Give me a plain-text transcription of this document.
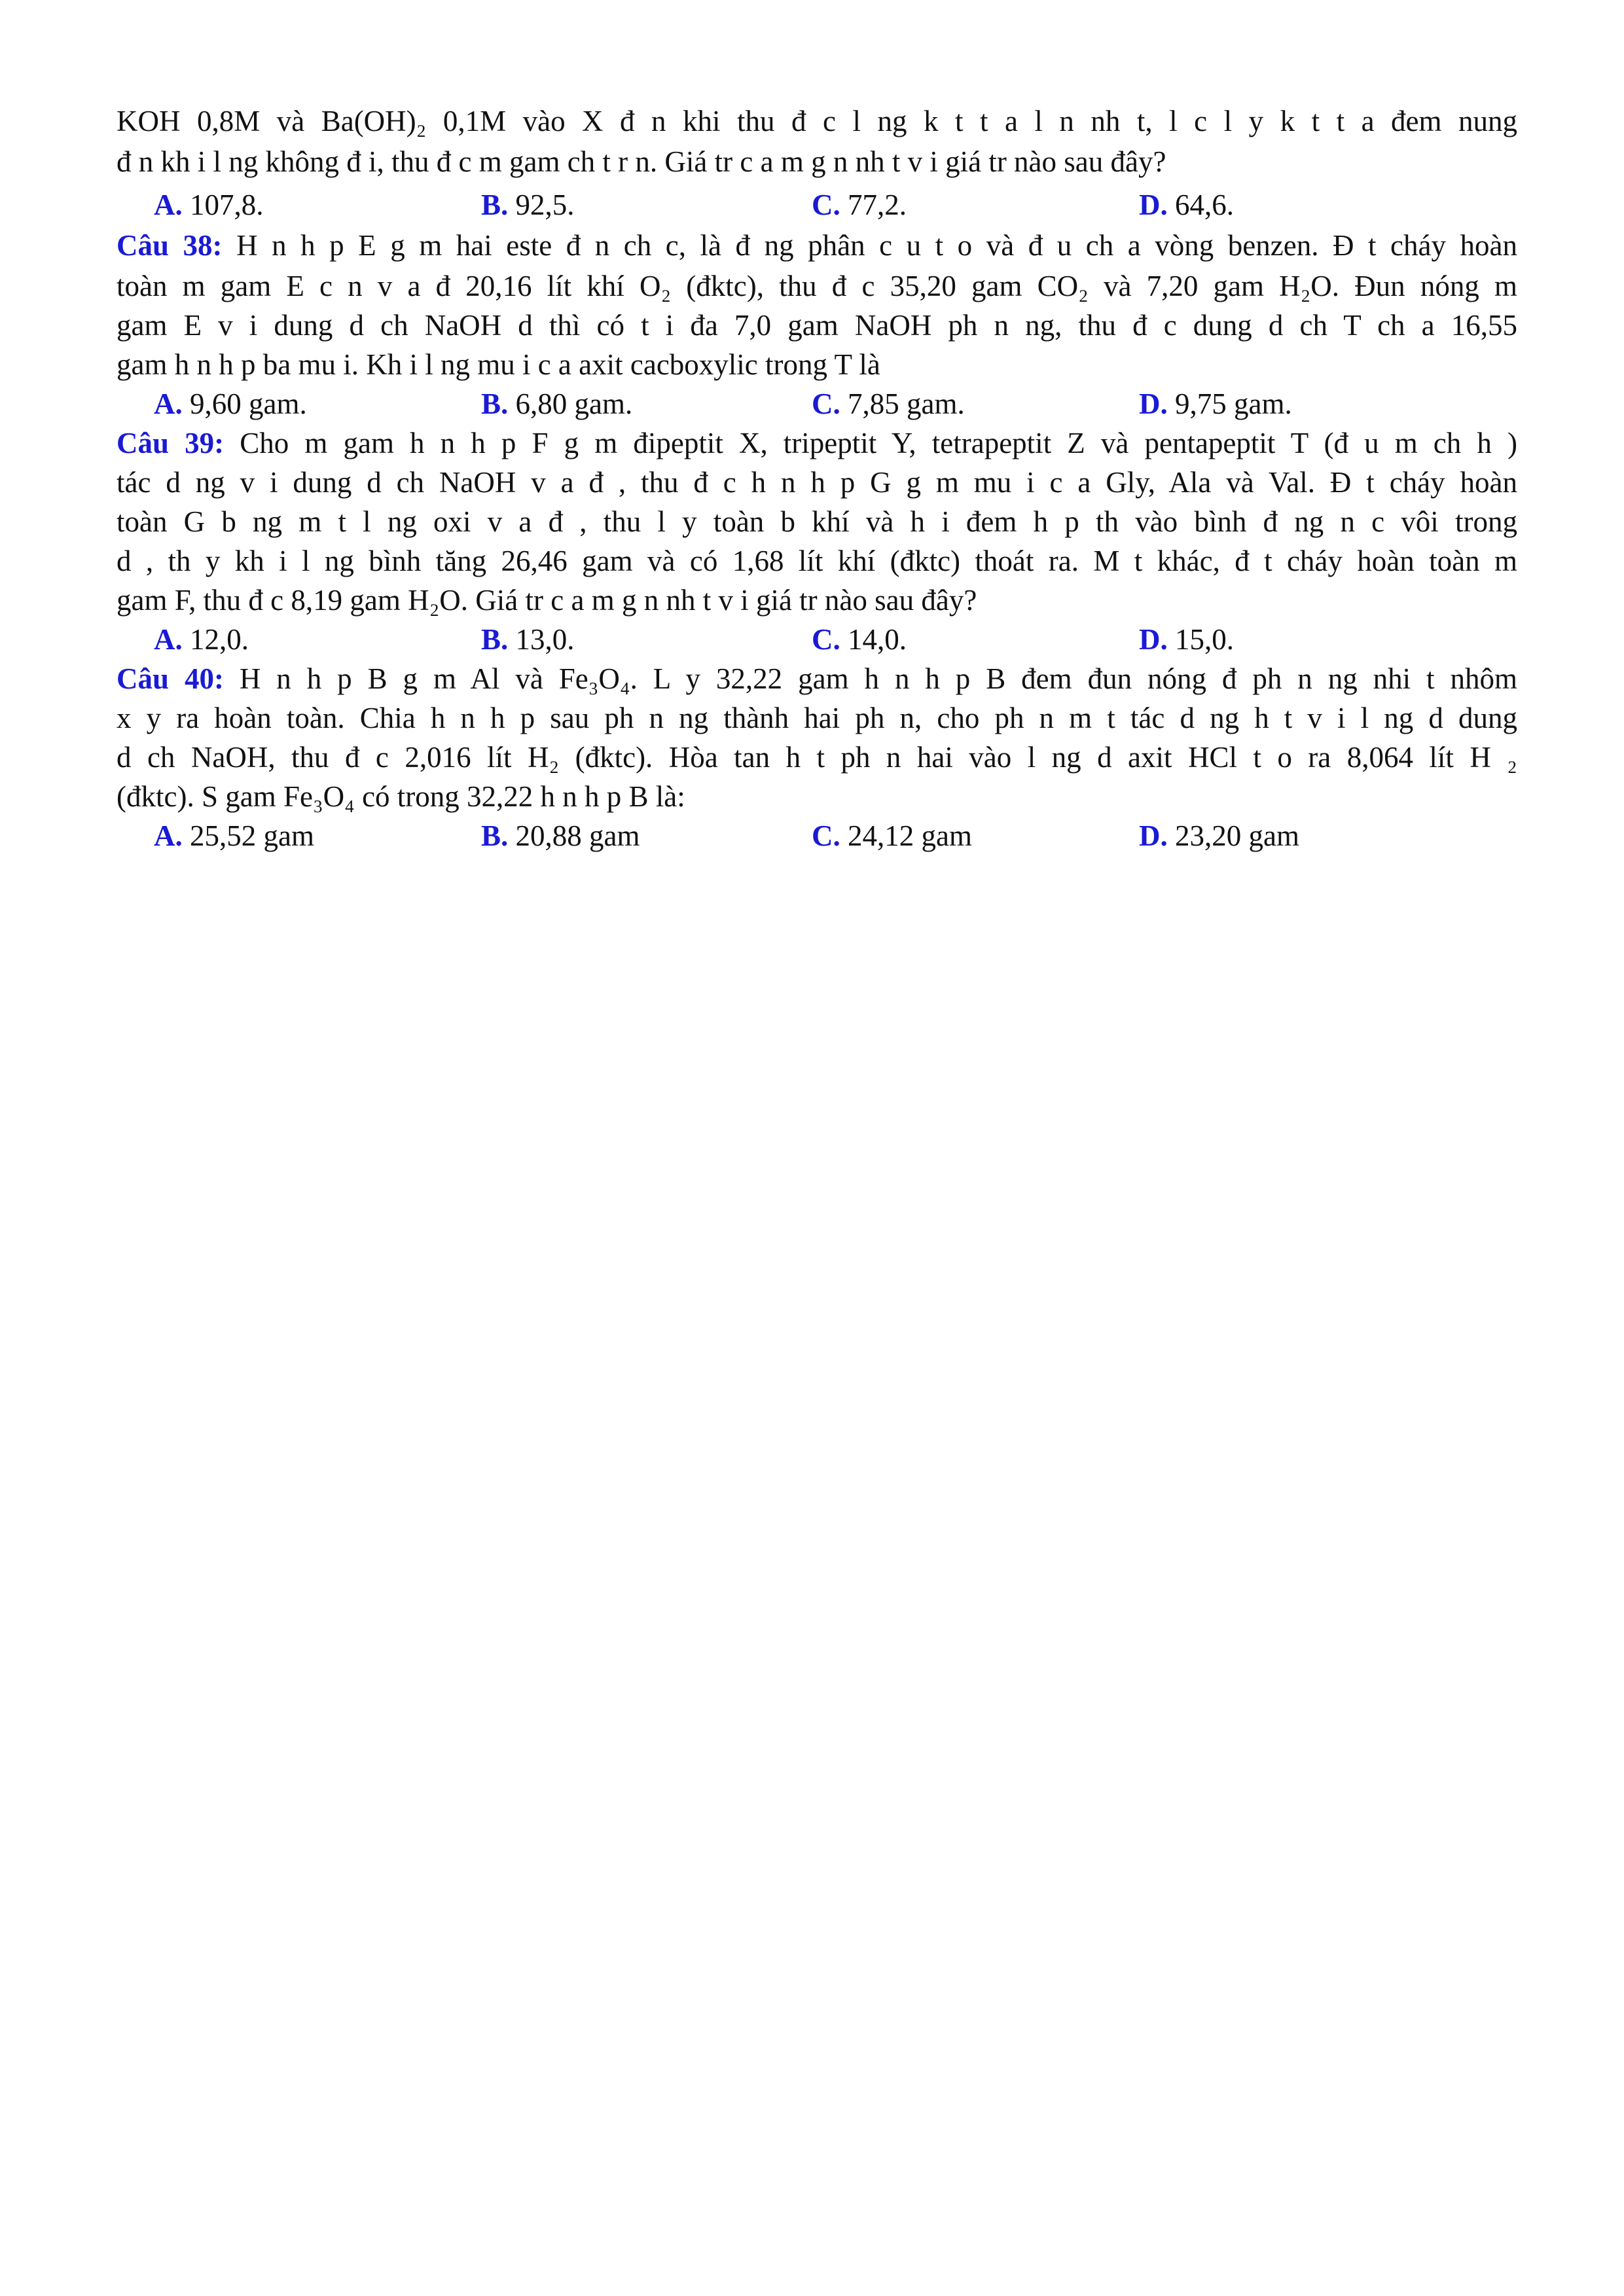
KOH 0,8M và Ba(OH)₂ 0,1M vào X đ n khi thu đ c l ng k t t a l n nh t, l c l y k t t a đem nung
đ n kh i l ng không đ i, thu đ c m gam ch t r n. Giá tr c a m g n nh t v i giá tr nào sau đây?
A. 107,8.	B. 92,5.	C. 77,2.	D. 64,6.
Câu 38: H n h p E g m hai este đ n ch c, là đ ng phân c u t o và đ u ch a vòng benzen. Đ t cháy hoàn
toàn m gam E c n v a đ 20,16 lít khí O₂ (đktc), thu đ c 35,20 gam CO₂ và 7,20 gam H₂O. Đun nóng m
gam E v i dung d ch NaOH d thì có t i đa 7,0 gam NaOH ph n ng, thu đ c dung d ch T ch a 16,55
gam h n h p ba mu i. Kh i l ng mu i c a axit cacboxylic trong T là
A. 9,60 gam.	B. 6,80 gam.	C. 7,85 gam.	D. 9,75 gam.
Câu 39: Cho m gam h n h p F g m đipeptit X, tripeptit Y, tetrapeptit Z và pentapeptit T (đ u m ch h )
tác d ng v i dung d ch NaOH v a đ , thu đ c h n h p G g m mu i c a Gly, Ala và Val. Đ t cháy hoàn
toàn G b ng m t l ng oxi v a đ , thu l y toàn b khí và h i đem h p th vào bình đ ng n c vôi trong
d , th y kh i l ng bình tăng 26,46 gam và có 1,68 lít khí (đktc) thoát ra. M t khác, đ t cháy hoàn toàn m
gam F, thu đ c 8,19 gam H₂O. Giá tr c a m g n nh t v i giá tr nào sau đây?
A. 12,0.	B. 13,0.	C. 14,0.	D. 15,0.
Câu 40: H n h p B g m Al và Fe₃O₄. L y 32,22 gam h n h p B đem đun nóng đ ph n ng nhi t nhôm
x y ra hoàn toàn. Chia h n h p sau ph n ng thành hai ph n, cho ph n m t tác d ng h t v i l ng d dung
d ch NaOH, thu đ c 2,016 lít H₂ (đktc). Hòa tan h t ph n hai vào l ng d axit HCl t o ra 8,064 lít H ₂
(đktc). S gam Fe₃O₄ có trong 32,22 h n h p B là:
A. 25,52 gam	B. 20,88 gam	C. 24,12 gam	D. 23,20 gam
